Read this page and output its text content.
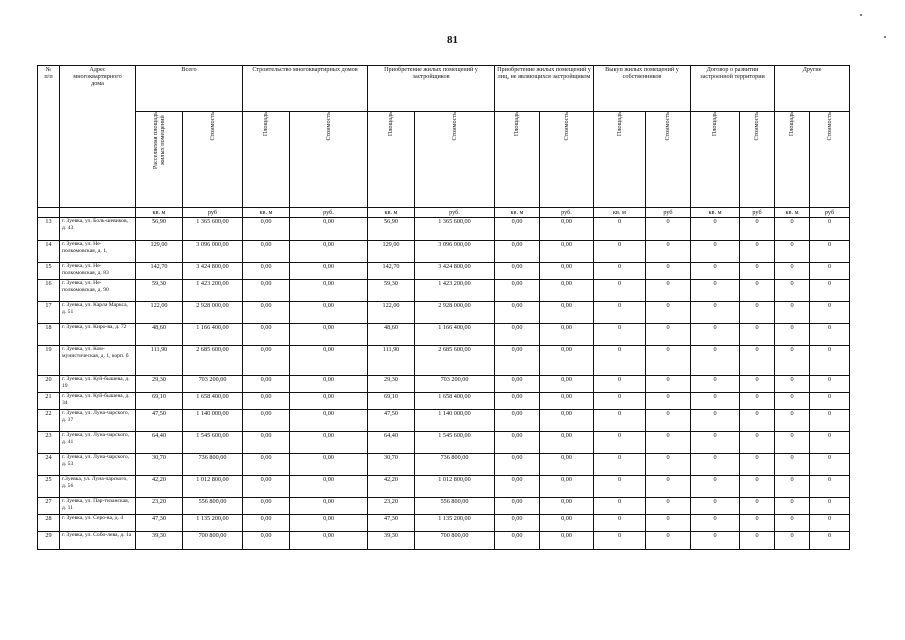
81
№
п/п	Адрес
многоквартирного
дома	Всего		Строительство многоквартирных домов		Приобретение жилых помещений у застройщиков		Приобретение жилых помещений у лиц, не являющихся застройщиком		Выкуп жилых помещений у собственников		Договор о развитии застроенной территории		Другие	

		Расселяемая площадь
жилых помещений	Стоимость	Площадь	Стоимость	Площадь	Стоимость	Площадь	Стоимость	Площадь	Стоимость	Площадь	Стоимость	Площадь	Стоимость

		кв. м	руб	кв. м	руб.	кв. м	руб.	кв. м	руб.	кв. м	руб	кв. м	руб	кв. м	руб
13	г. Зуевка, ул. Боль-шевиков, д. 43	56,90	1 365 600,00	0,00	0,00	56,90	1 365 600,00	0,00	0,00	0	0	0	0	0	0
14	г. Зуевка, ул. Не-полкомовская, д. 1,	129,00	3 096 000,00	0,00	0,00	129,00	3 096 000,00	0,00	0,00	0	0	0	0	0	0
15	г. Зуевка, ул. Не-полкомовская, д. 83	142,70	3 424 800,00	0,00	0,00	142,70	3 424 800,00	0,00	0,00	0	0	0	0	0	0
16	г. Зуевка, ул. Не-полкомовская, д. 90	59,30	1 423 200,00	0,00	0,00	59,30	1 423 200,00	0,00	0,00	0	0	0	0	0	0
17	г. Зуевка, ул. Карла Маркса, д. 51	122,00	2 928 000,00	0,00	0,00	122,00	2 928 000,00	0,00	0,00	0	0	0	0	0	0
18	г. Зуевка, ул. Киро-ва, д. 72	48,60	1 166 400,00	0,00	0,00	48,60	1 166 400,00	0,00	0,00	0	0	0	0	0	0
19	г. Зуевка, ул. Ком-мунистическая, д. 1, корп. б	111,90	2 685 600,00	0,00	0,00	111,90	2 685 600,00	0,00	0,00	0	0	0	0	0	0
20	г. Зуевка, ул. Куй-бышева, д. 19	29,30	703 200,00	0,00	0,00	29,30	703 200,00	0,00	0,00	0	0	0	0	0	0
21	г. Зуевка, ул. Куй-бышева, д. 34	69,10	1 658 400,00	0,00	0,00	69,10	1 658 400,00	0,00	0,00	0	0	0	0	0	0
22	г. Зуевка, ул. Луна-чарского, д. 37	47,50	1 140 000,00	0,00	0,00	47,50	1 140 000,00	0,00	0,00	0	0	0	0	0	0
23	г. Зуевка, ул. Луна-чарского, д. 41	64,40	1 545 600,00	0,00	0,00	64,40	1 545 600,00	0,00	0,00	0	0	0	0	0	0
24	г. Зуевка, ул. Луна-чарского, д. 53	30,70	736 800,00	0,00	0,00	30,70	736 800,00	0,00	0,00	0	0	0	0	0	0
25	г.Зуевка, ул. Луна-чарского, д. 56	42,20	1 012 800,00	0,00	0,00	42,20	1 012 800,00	0,00	0,00	0	0	0	0	0	0
27	г. Зуевка, ул. Пар-тизанская, д. 11	23,20	556 800,00	0,00	0,00	23,20	556 800,00	0,00	0,00	0	0	0	0	0	0
28	г. Зуевка, ул. Серо-ва, д. 4	47,30	1 135 200,00	0,00	0,00	47,30	1 135 200,00	0,00	0,00	0	0	0	0	0	0
29	г. Зуевка, ул. Собо-лева, д. 1а	39,30	700 800,00	0,00	0,00	39,30	700 800,00	0,00	0,00	0	0	0	0	0	0
